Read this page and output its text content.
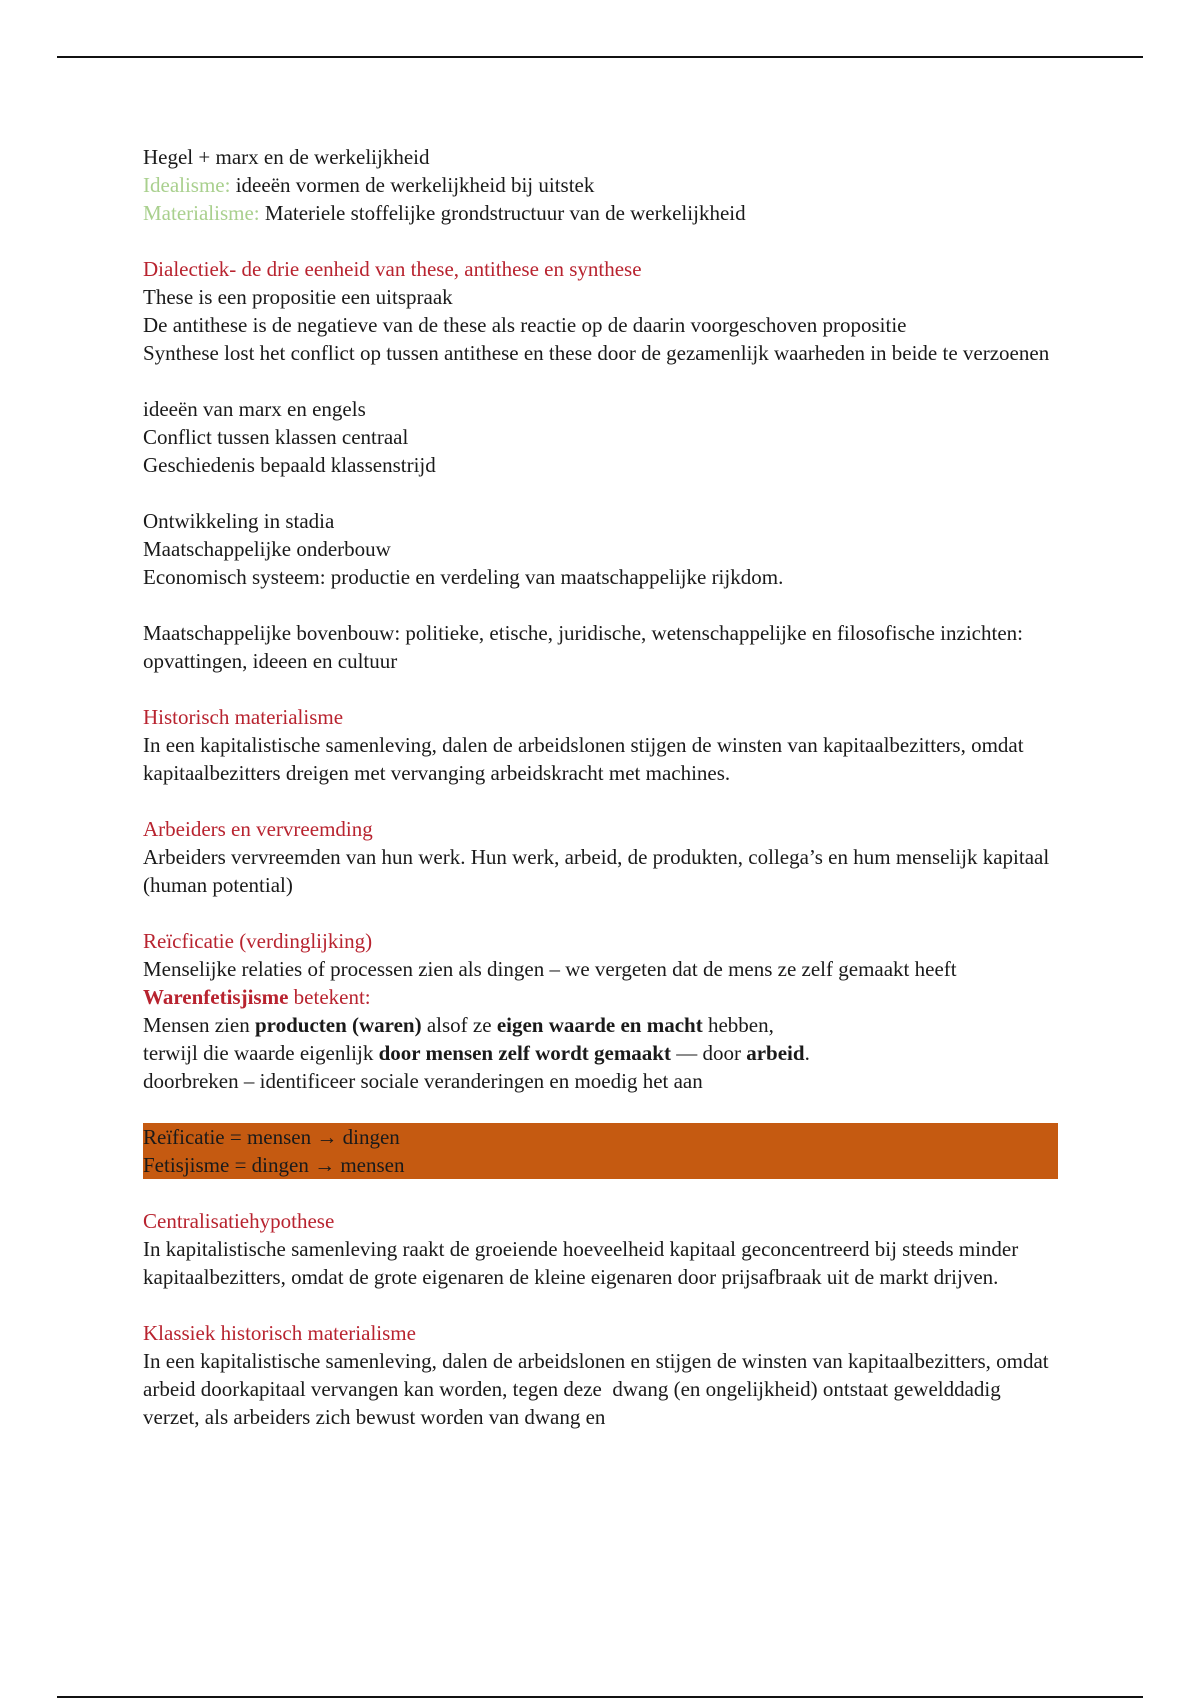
Hegel + marx en de werkelijkheid
Idealisme: ideeën vormen de werkelijkheid bij uitstek
Materialisme: Materiele stoffelijke grondstructuur van de werkelijkheid
Dialectiek- de drie eenheid van these, antithese en synthese
These is een propositie een uitspraak
De antithese is de negatieve van de these als reactie op de daarin voorgeschoven propositie
Synthese lost het conflict op tussen antithese en these door de gezamenlijk waarheden in beide te verzoenen
ideeën van marx en engels
Conflict tussen klassen centraal
Geschiedenis bepaald klassenstrijd
Ontwikkeling in stadia
Maatschappelijke onderbouw
Economisch systeem: productie en verdeling van maatschappelijke rijkdom.
Maatschappelijke bovenbouw: politieke, etische, juridische, wetenschappelijke en filosofische inzichten: opvattingen, ideeen en cultuur
Historisch materialisme
In een kapitalistische samenleving, dalen de arbeidslonen stijgen de winsten van kapitaalbezitters, omdat kapitaalbezitters dreigen met vervanging arbeidskracht met machines.
Arbeiders en vervreemding
Arbeiders vervreemden van hun werk. Hun werk, arbeid, de produkten, collega’s en hum menselijk kapitaal (human potential)
Reïcficatie (verdinglijking)
Menselijke relaties of processen zien als dingen – we vergeten dat de mens ze zelf gemaakt heeft
Warenfetisjisme betekent:
Mensen zien producten (waren) alsof ze eigen waarde en macht hebben,
terwijl die waarde eigenlijk door mensen zelf wordt gemaakt — door arbeid.
doorbreken – identificeer sociale veranderingen en moedig het aan
Reïficatie = mensen → dingen
Fetisjisme = dingen → mensen
Centralisatiehypothese
In kapitalistische samenleving raakt de groeiende hoeveelheid kapitaal geconcentreerd bij steeds minder kapitaalbezitters, omdat de grote eigenaren de kleine eigenaren door prijsafbraak uit de markt drijven.
Klassiek historisch materialisme
In een kapitalistische samenleving, dalen de arbeidslonen en stijgen de winsten van kapitaalbezitters, omdat arbeid doorkapitaal vervangen kan worden, tegen deze  dwang (en ongelijkheid) ontstaat gewelddadig verzet, als arbeiders zich bewust worden van dwang en
